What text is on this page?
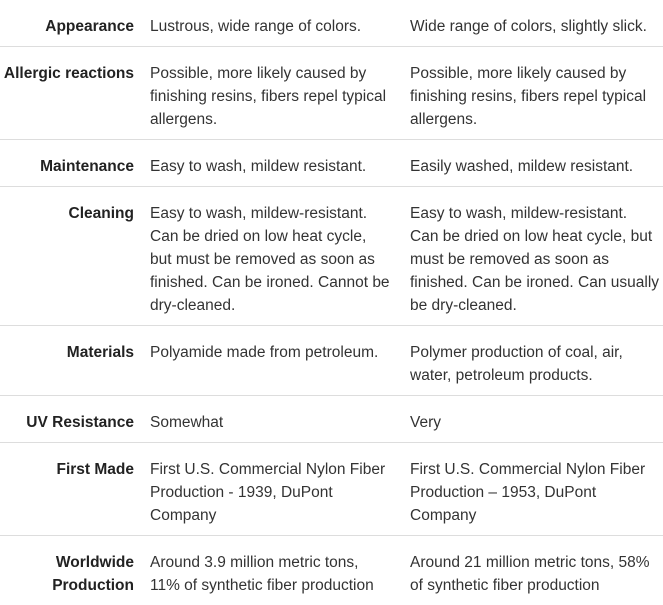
Appearance	Lustrous, wide range of colors.	Wide range of colors, slightly slick.
Allergic reactions	Possible, more likely caused by finishing resins, fibers repel typical allergens.	Possible, more likely caused by finishing resins, fibers repel typical allergens.
Maintenance	Easy to wash, mildew resistant.	Easily washed, mildew resistant.
Cleaning	Easy to wash, mildew-resistant. Can be dried on low heat cycle, but must be removed as soon as finished. Can be ironed. Cannot be dry-cleaned.	Easy to wash, mildew-resistant. Can be dried on low heat cycle, but must be removed as soon as finished. Can be ironed. Can usually be dry-cleaned.
Materials	Polyamide made from petroleum.	Polymer production of coal, air, water, petroleum products.
UV Resistance	Somewhat	Very
First Made	First U.S. Commercial Nylon Fiber Production - 1939, DuPont Company	First U.S. Commercial Nylon Fiber Production – 1953, DuPont Company
Worldwide Production	Around 3.9 million metric tons, 11% of synthetic fiber production	Around 21 million metric tons, 58% of synthetic fiber production
